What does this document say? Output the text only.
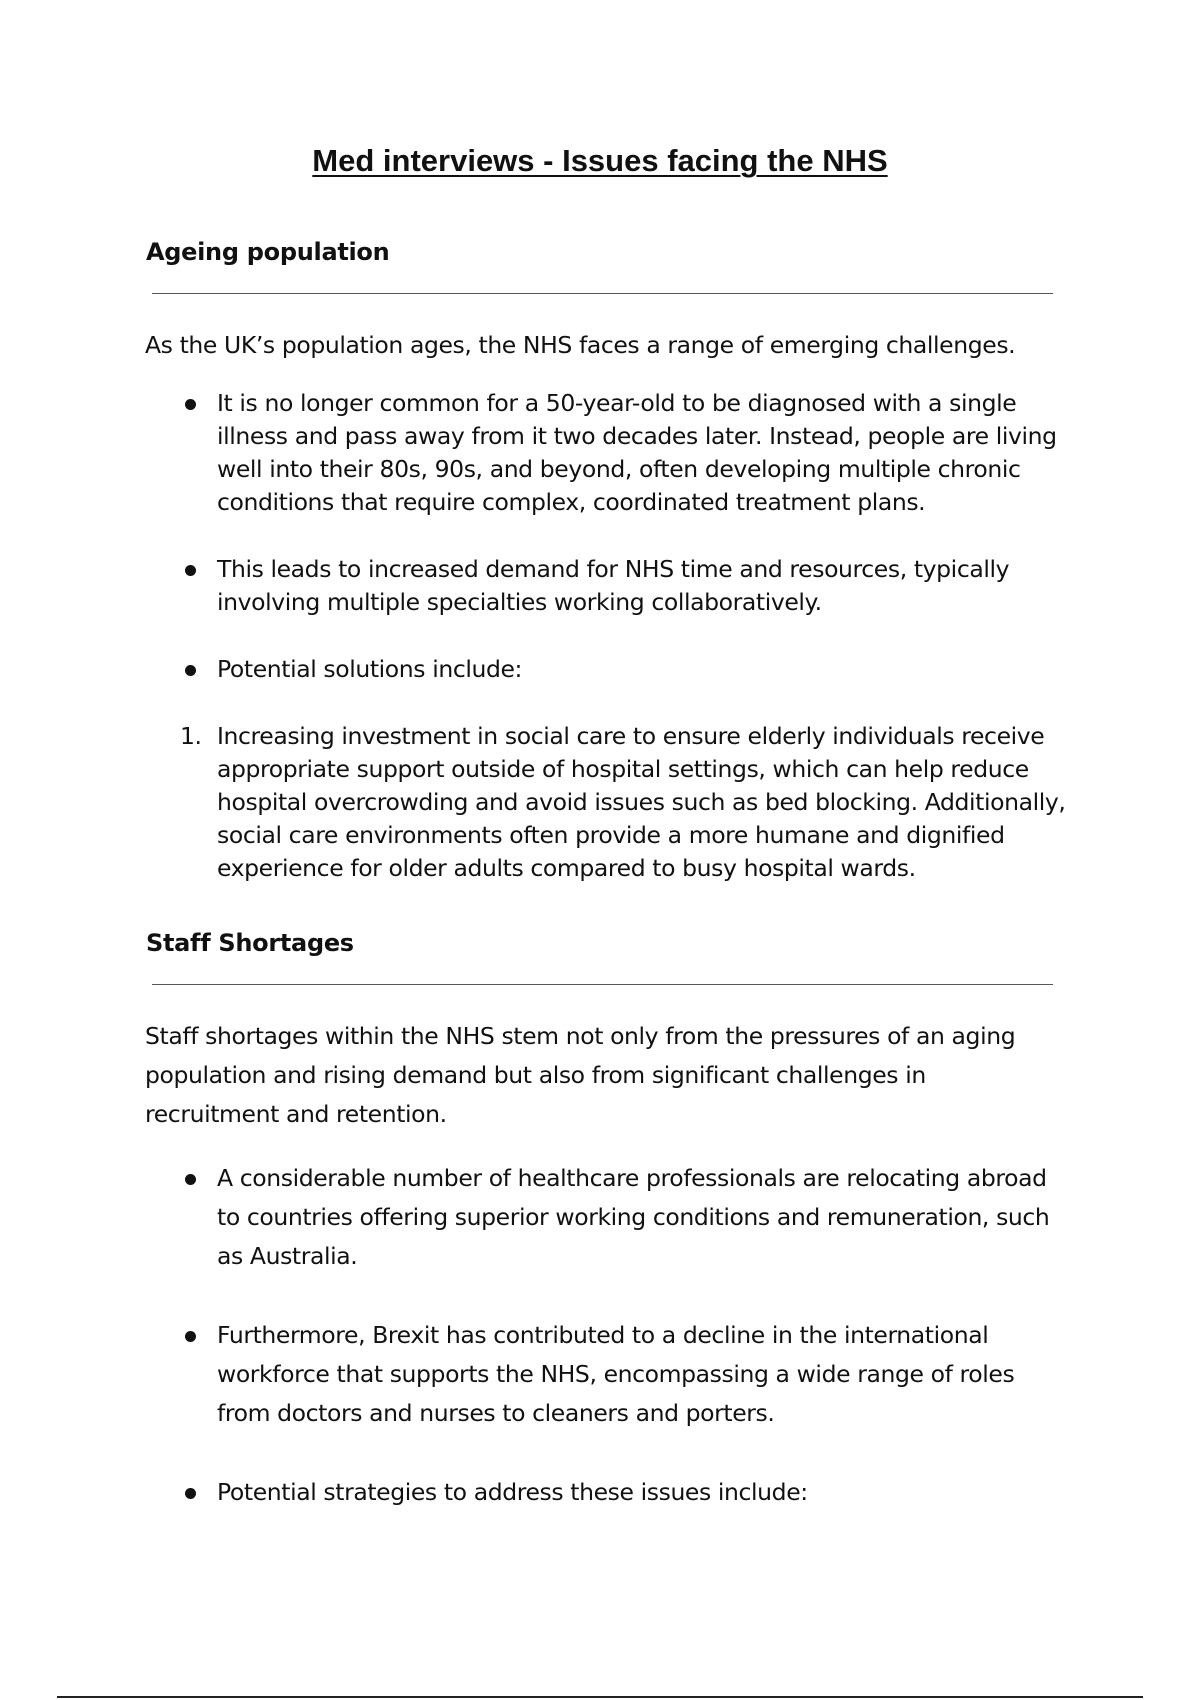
Med interviews - Issues facing the NHS
Ageing population

As the UK’s population ages, the NHS faces a range of emerging challenges.

It is no longer common for a 50-year-old to be diagnosed with a single illness and pass away from it two decades later. Instead, people are living well into their 80s, 90s, and beyond, often developing multiple chronic conditions that require complex, coordinated treatment plans.
This leads to increased demand for NHS time and resources, typically involving multiple specialties working collaboratively.
Potential solutions include:
1. Increasing investment in social care to ensure elderly individuals receive appropriate support outside of hospital settings, which can help reduce hospital overcrowding and avoid issues such as bed blocking. Additionally, social care environments often provide a more humane and dignified experience for older adults compared to busy hospital wards.
Staff Shortages

Staff shortages within the NHS stem not only from the pressures of an aging population and rising demand but also from significant challenges in recruitment and retention.

A considerable number of healthcare professionals are relocating abroad to countries offering superior working conditions and remuneration, such as Australia.
Furthermore, Brexit has contributed to a decline in the international workforce that supports the NHS, encompassing a wide range of roles from doctors and nurses to cleaners and porters.
Potential strategies to address these issues include:
